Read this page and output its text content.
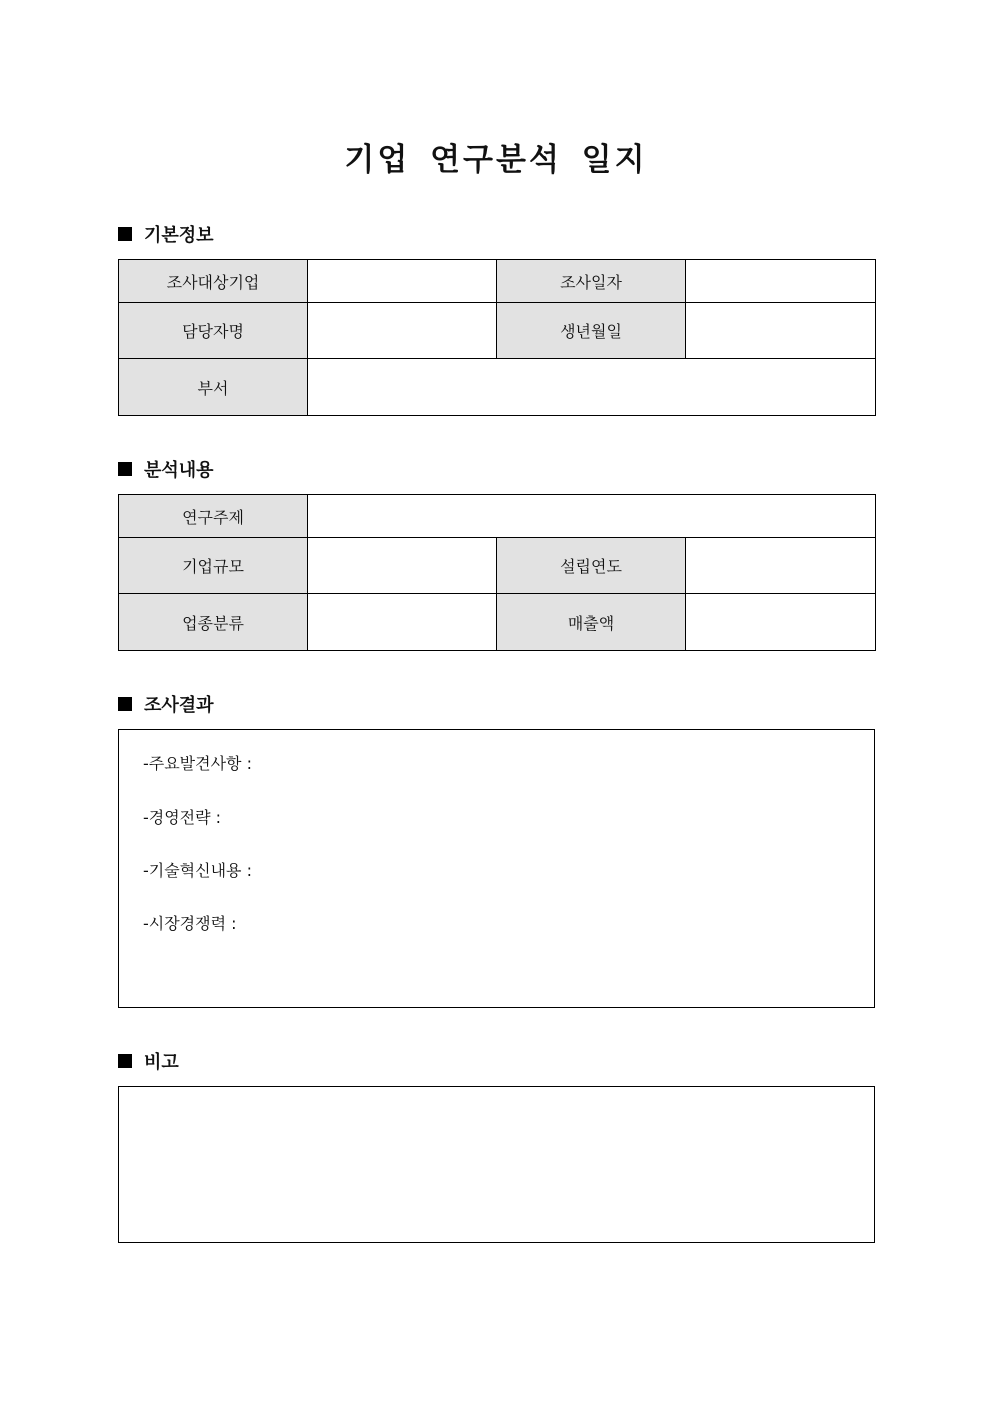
기업 연구분석 일지
기본정보
조사대상기업		조사일자	
담당자명		생년월일	
부서			
분석내용
연구주제			
기업규모		설립연도	
업종분류		매출액	
조사결과
-주요발견사항 :
-경영전략 :
-기술혁신내용 :
-시장경쟁력 :
비고
